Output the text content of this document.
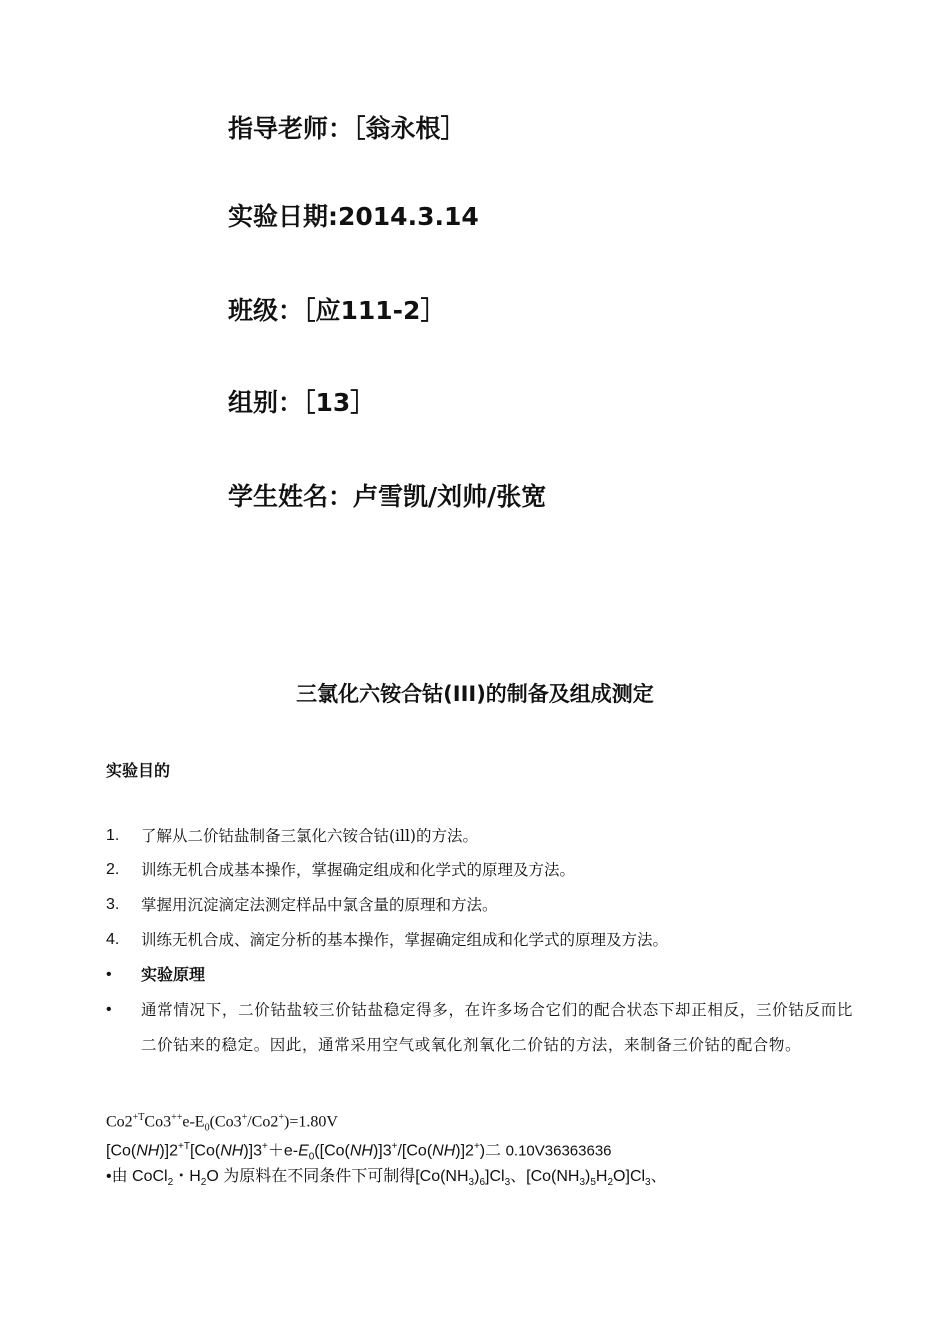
指导老师：［翁永根］
实验日期:2014.3.14
班级：［应111-2］
组别：［13］
学生姓名：卢雪凯/刘帅/张宽
三氯化六铵合钴(III)的制备及组成测定
实验目的
1. 了解从二价钴盐制备三氯化六铵合钴(ill)的方法。
2. 训练无机合成基本操作，掌握确定组成和化学式的原理及方法。
3. 掌握用沉淀滴定法测定样品中氯含量的原理和方法。
4. 训练无机合成、滴定分析的基本操作，掌握确定组成和化学式的原理及方法。
• 实验原理
• 通常情况下，二价钴盐较三价钴盐稳定得多，在许多场合它们的配合状态下却正相反，三价钴反而比二价钴来的稳定。因此，通常采用空气或氧化剂氧化二价钴的方法，来制备三价钴的配合物。
$Co2^{+T}Co3^{++}e-E_0(Co3^+/Co2^+)=1.80V$
$[Co(NH)]2^{+T}[Co(NH)]3^++e-E_0([Co(NH)]3^+/[Co(NH)]2^+)$二 0.10V36363636
•由 CoCl$_2$・$H_2O$ 为原料在不同条件下可制得$[Co(NH_3)_6]Cl_3$、$[Co(NH_3)_5H_2O]Cl_3$、
